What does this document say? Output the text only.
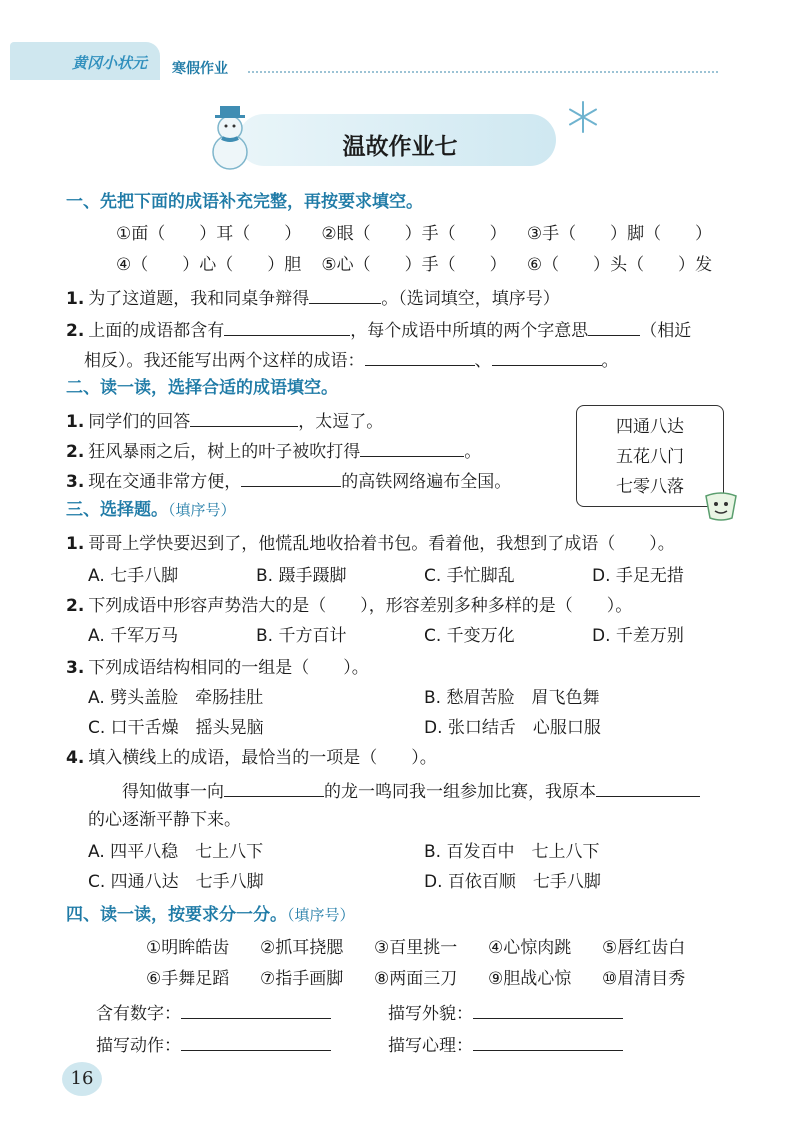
黄冈小状元 寒假作业
温故作业七
一、先把下面的成语补充完整，再按要求填空。
①面（　　）耳（　　） ②眼（　　）手（　　） ③手（　　）脚（　　）
④（　　）心（　　）胆 ⑤心（　　）手（　　） ⑥（　　）头（　　）发
1. 为了这道题，我和同桌争辩得	。（选词填空，填序号）
2. 上面的成语都含有	，每个成语中所填的两个字意思	（相近
相反）。我还能写出两个这样的成语：	、	。
二、读一读，选择合适的成语填空。
1. 同学们的回答	，太逗了。
2. 狂风暴雨之后，树上的叶子被吹打得	。
3. 现在交通非常方便，	的高铁网络遍布全国。
四通八达
五花八门
七零八落
三、选择题。（填序号）
1. 哥哥上学快要迟到了，他慌乱地收拾着书包。看着他，我想到了成语（　　）。
A. 七手八脚	B. 蹑手蹑脚	C. 手忙脚乱	D. 手足无措
2. 下列成语中形容声势浩大的是（　　），形容差别多种多样的是（　　）。
A. 千军万马	B. 千方百计	C. 千变万化	D. 千差万别
3. 下列成语结构相同的一组是（　　）。
A. 劈头盖脸　牵肠挂肚	B. 愁眉苦脸　眉飞色舞
C. 口干舌燥　摇头晃脑	D. 张口结舌　心服口服
4. 填入横线上的成语，最恰当的一项是（　　）。
得知做事一向	的龙一鸣同我一组参加比赛，我原本
的心逐渐平静下来。
A. 四平八稳　七上八下	B. 百发百中　七上八下
C. 四通八达　七手八脚	D. 百依百顺　七手八脚
四、读一读，按要求分一分。（填序号）
①明眸皓齿 ②抓耳挠腮 ③百里挑一 ④心惊肉跳 ⑤唇红齿白
⑥手舞足蹈 ⑦指手画脚 ⑧两面三刀 ⑨胆战心惊 ⑩眉清目秀
含有数字：	描写外貌：
描写动作：	描写心理：
16
